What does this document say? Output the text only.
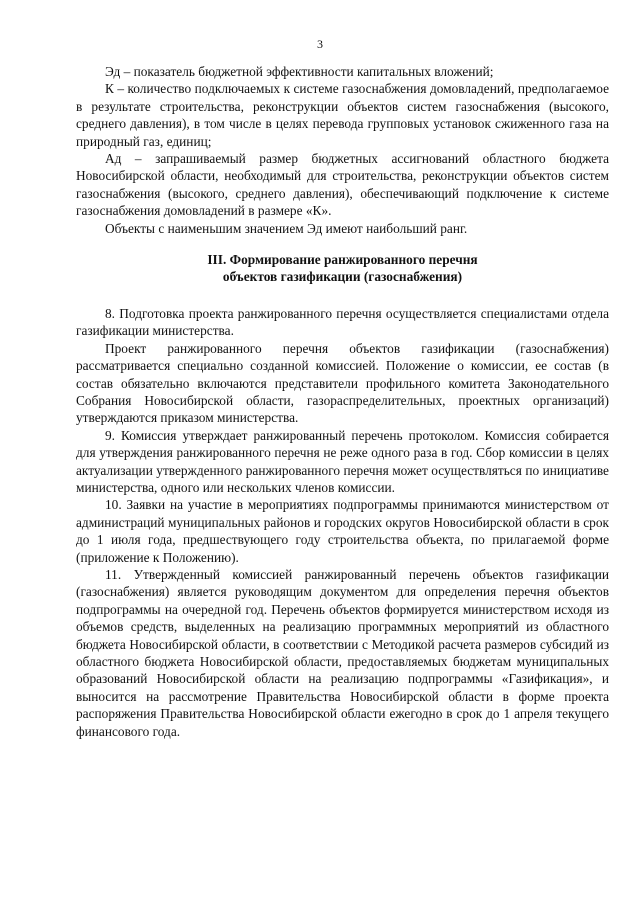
3

Эд – показатель бюджетной эффективности капитальных вложений;

К – количество подключаемых к системе газоснабжения домовладений, предполагаемое в результате строительства, реконструкции объектов систем газоснабжения (высокого, среднего давления), в том числе в целях перевода групповых установок сжиженного газа на природный газ, единиц;

Ад – запрашиваемый размер бюджетных ассигнований областного бюджета Новосибирской области, необходимый для строительства, реконструкции объектов систем газоснабжения (высокого, среднего давления), обеспечивающий подключение к системе газоснабжения домовладений в размере «К».

Объекты с наименьшим значением Эд имеют наибольший ранг.

III. Формирование ранжированного перечня
объектов газификации (газоснабжения)

8. Подготовка проекта ранжированного перечня осуществляется специалистами отдела газификации министерства.

Проект ранжированного перечня объектов газификации (газоснабжения) рассматривается специально созданной комиссией. Положение о комиссии, ее состав (в состав обязательно включаются представители профильного комитета Законодательного Собрания Новосибирской области, газораспределительных, проектных организаций) утверждаются приказом министерства.

9. Комиссия утверждает ранжированный перечень протоколом. Комиссия собирается для утверждения ранжированного перечня не реже одного раза в год. Сбор комиссии в целях актуализации утвержденного ранжированного перечня может осуществляться по инициативе министерства, одного или нескольких членов комиссии.

10. Заявки на участие в мероприятиях подпрограммы принимаются министерством от администраций муниципальных районов и городских округов Новосибирской области в срок до 1 июля года, предшествующего году строительства объекта, по прилагаемой форме (приложение к Положению).

11. Утвержденный комиссией ранжированный перечень объектов газификации (газоснабжения) является руководящим документом для определения перечня объектов подпрограммы на очередной год. Перечень объектов формируется министерством исходя из объемов средств, выделенных на реализацию программных мероприятий из областного бюджета Новосибирской области, в соответствии с Методикой расчета размеров субсидий из областного бюджета Новосибирской области, предоставляемых бюджетам муниципальных образований Новосибирской области на реализацию подпрограммы «Газификация», и выносится на рассмотрение Правительства Новосибирской области в форме проекта распоряжения Правительства Новосибирской области ежегодно в срок до 1 апреля текущего финансового года.
